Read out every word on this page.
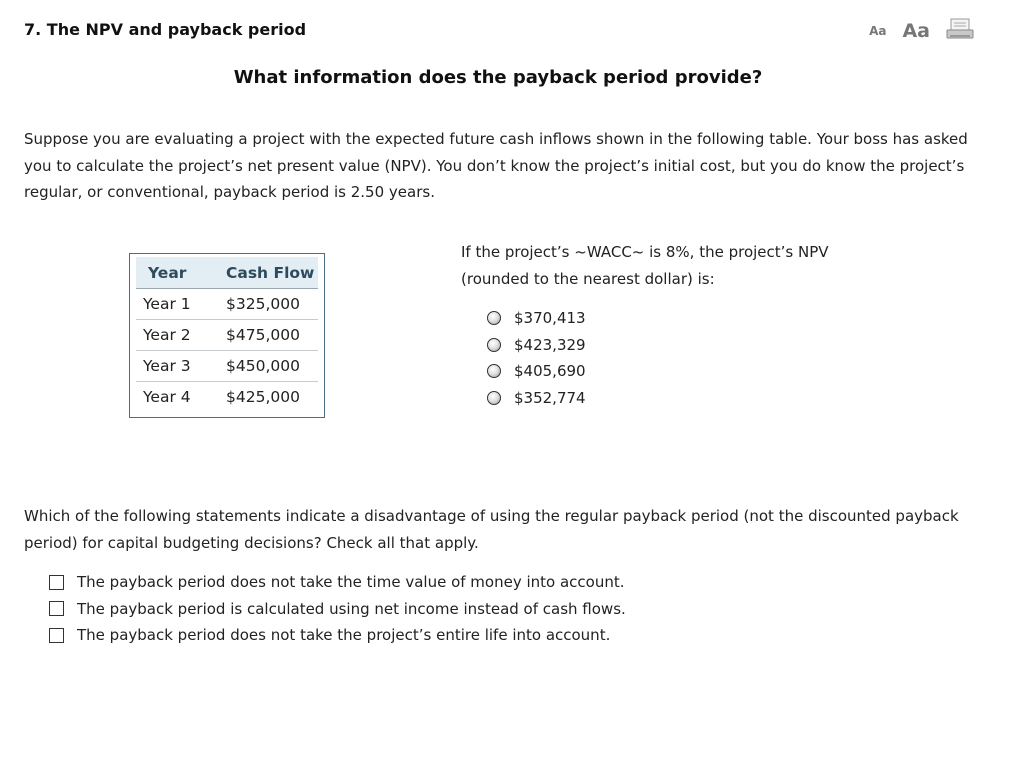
7. The NPV and payback period	Aa Aa
What information does the payback period provide?
Suppose you are evaluating a project with the expected future cash inflows shown in the following table. Your boss has asked you to calculate the project’s net present value (NPV). You don’t know the project’s initial cost, but you do know the project’s regular, or conventional, payback period is 2.50 years.
Year	Cash Flow
Year 1	$325,000
Year 2	$475,000
Year 3	$450,000
Year 4	$425,000
If the project’s ~WACC~ is 8%, the project’s NPV (rounded to the nearest dollar) is:
$370,413
$423,329
$405,690
$352,774
Which of the following statements indicate a disadvantage of using the regular payback period (not the discounted payback period) for capital budgeting decisions? Check all that apply.
The payback period does not take the time value of money into account.
The payback period is calculated using net income instead of cash flows.
The payback period does not take the project’s entire life into account.
